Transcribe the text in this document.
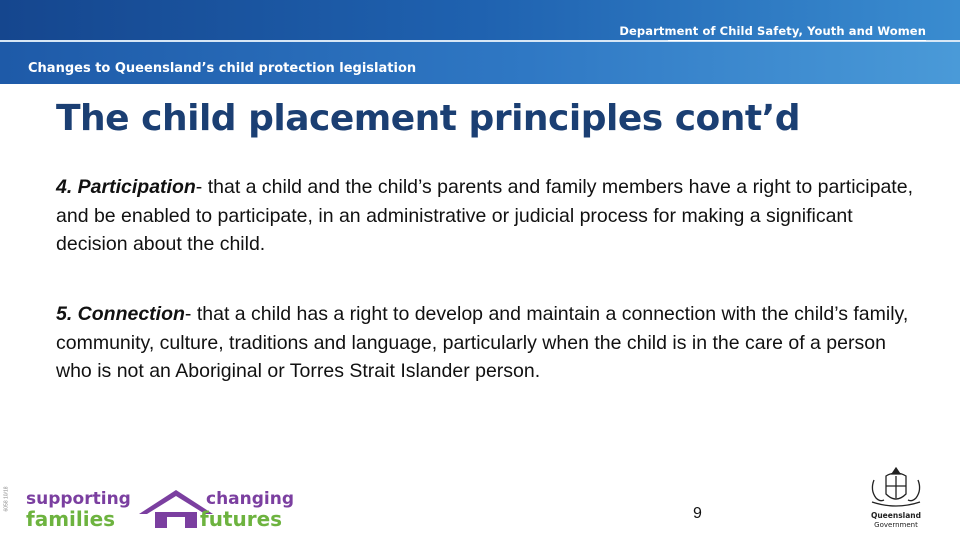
Department of Child Safety, Youth and Women
Changes to Queensland’s child protection legislation
The child placement principles cont’d
4. Participation- that a child and the child’s parents and family members have a right to participate, and be enabled to participate, in an administrative or judicial process for making a significant decision about the child.
5. Connection- that a child has a right to develop and maintain a connection with the child’s family, community, culture, traditions and language, particularly when the child is in the care of a person who is not an Aboriginal or Torres Strait Islander person.
6058 10/18 supporting
families
changing
futures	9	Queensland
Government
